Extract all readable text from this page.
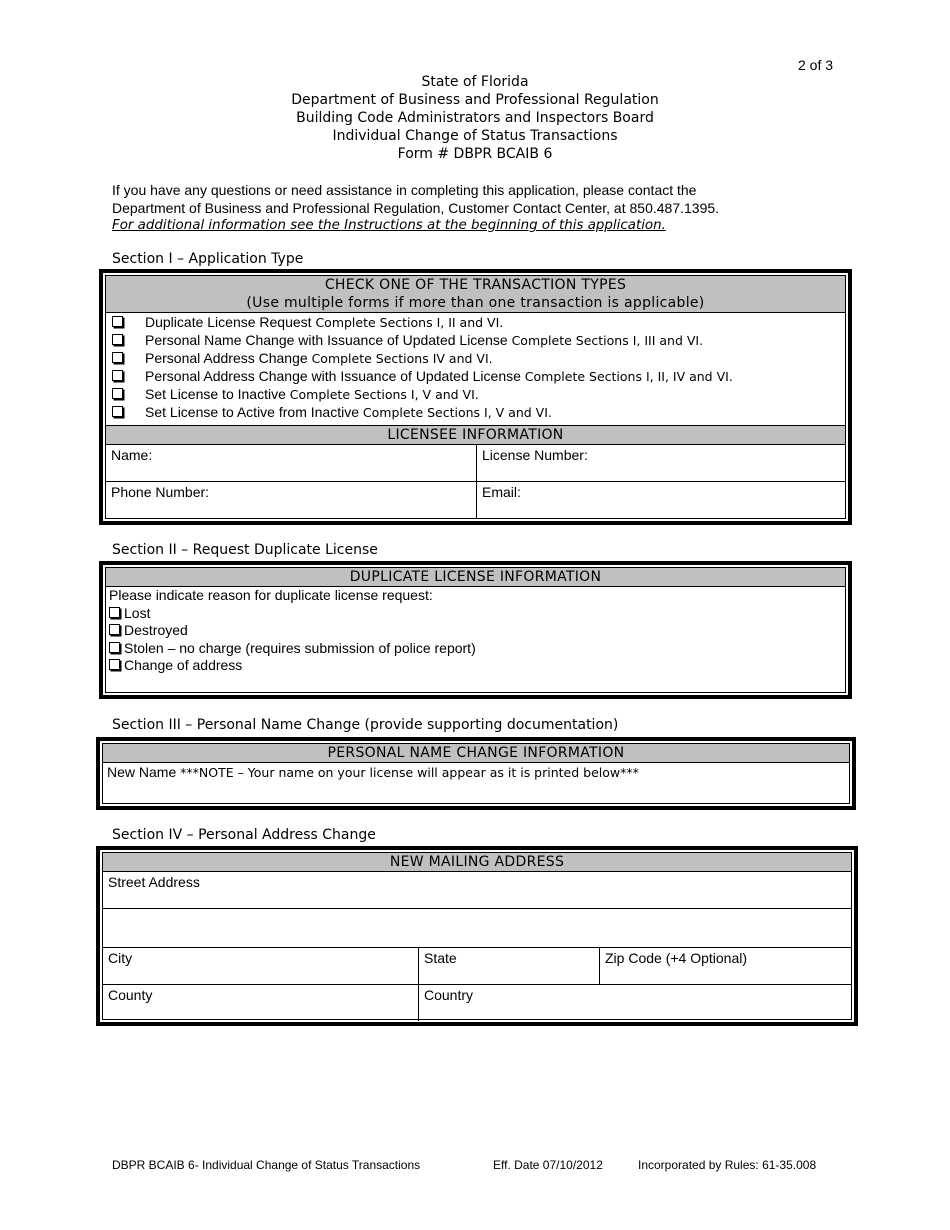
2 of 3
State of Florida
Department of Business and Professional Regulation
Building Code Administrators and Inspectors Board
Individual Change of Status Transactions
Form # DBPR BCAIB 6
If you have any questions or need assistance in completing this application, please contact the
Department of Business and Professional Regulation, Customer Contact Center, at 850.487.1395.
For additional information see the Instructions at the beginning of this application.
Section I – Application Type
CHECK ONE OF THE TRANSACTION TYPES
(Use multiple forms if more than one transaction is applicable)
Duplicate License Request Complete Sections I, II and VI.
Personal Name Change with Issuance of Updated License Complete Sections I, III and VI.
Personal Address Change Complete Sections IV and VI.
Personal Address Change with Issuance of Updated License Complete Sections I, II, IV and VI.
Set License to Inactive Complete Sections I, V and VI.
Set License to Active from Inactive Complete Sections I, V and VI.
LICENSEE INFORMATION
Name:	License Number:
Phone Number:	Email:
Section II – Request Duplicate License
DUPLICATE LICENSE INFORMATION
Please indicate reason for duplicate license request:
Lost
Destroyed
Stolen – no charge (requires submission of police report)
Change of address
Section III – Personal Name Change (provide supporting documentation)
PERSONAL NAME CHANGE INFORMATION
New Name ***NOTE – Your name on your license will appear as it is printed below***
Section IV – Personal Address Change
NEW MAILING ADDRESS
Street Address
City	State	Zip Code (+4 Optional)
County	Country
DBPR BCAIB 6- Individual Change of Status Transactions	Eff. Date 07/10/2012	Incorporated by Rules: 61-35.008
